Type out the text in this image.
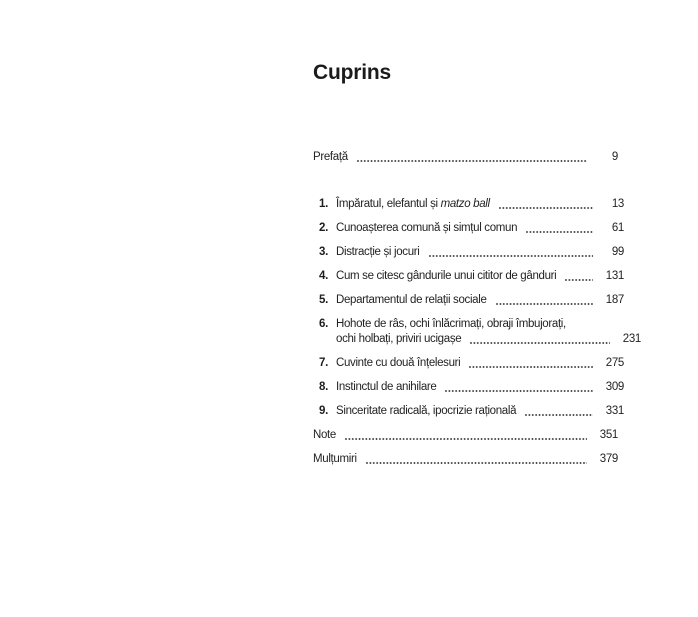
Cuprins
Prefață	9
1. Împăratul, elefantul și matzo ball	13
2. Cunoașterea comună și simțul comun	61
3. Distracție și jocuri	99
4. Cum se citesc gândurile unui cititor de gânduri	131
5. Departamentul de relații sociale	187
6. Hohote de râs, ochi înlăcrimați, obraji îmbujorați,
ochi holbați, priviri ucigașe	231
7. Cuvinte cu două înțelesuri	275
8. Instinctul de anihilare	309
9. Sinceritate radicală, ipocrizie rațională	331
Note	351
Mulțumiri	379
